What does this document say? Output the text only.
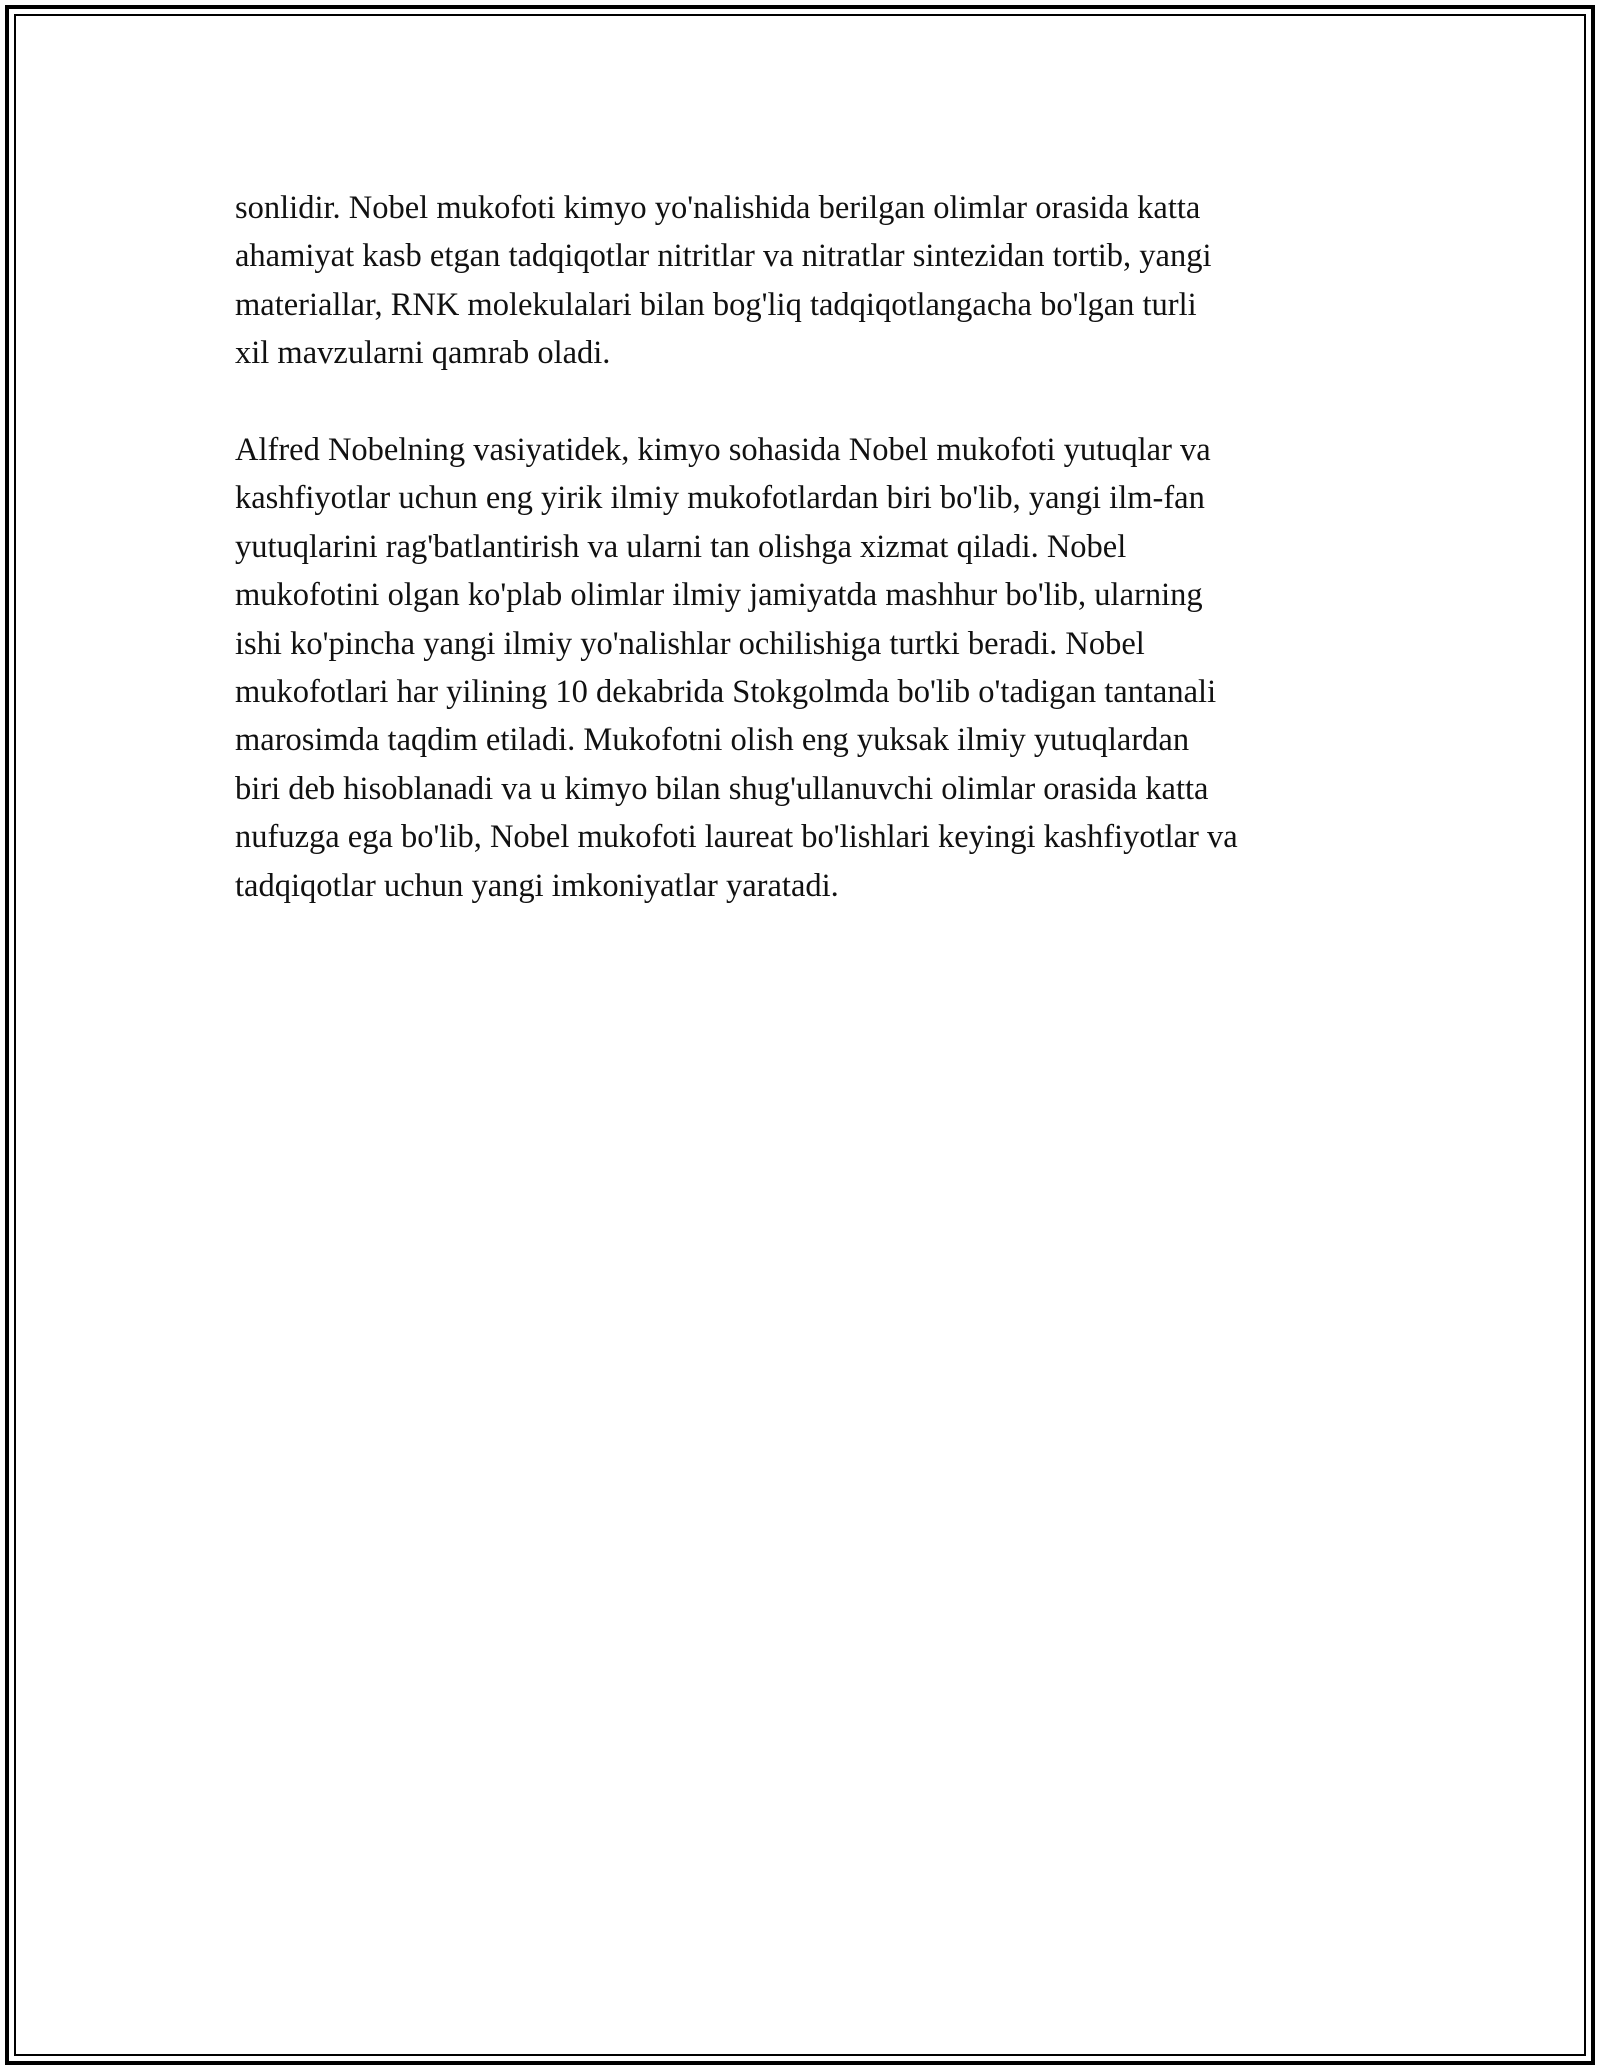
sonlidir. Nobel mukofoti kimyo yo'nalishida berilgan olimlar orasida katta
ahamiyat kasb etgan tadqiqotlar nitritlar va nitratlar sintezidan tortib, yangi
materiallar, RNK molekulalari bilan bog'liq tadqiqotlangacha bo'lgan turli
xil mavzularni qamrab oladi.

Alfred Nobelning vasiyatidek, kimyo sohasida Nobel mukofoti yutuqlar va
kashfiyotlar uchun eng yirik ilmiy mukofotlardan biri bo'lib, yangi ilm-fan
yutuqlarini rag'batlantirish va ularni tan olishga xizmat qiladi. Nobel
mukofotini olgan ko'plab olimlar ilmiy jamiyatda mashhur bo'lib, ularning
ishi ko'pincha yangi ilmiy yo'nalishlar ochilishiga turtki beradi. Nobel
mukofotlari har yilining 10 dekabrida Stokgolmda bo'lib o'tadigan tantanali
marosimda taqdim etiladi. Mukofotni olish eng yuksak ilmiy yutuqlardan
biri deb hisoblanadi va u kimyo bilan shug'ullanuvchi olimlar orasida katta
nufuzga ega bo'lib, Nobel mukofoti laureat bo'lishlari keyingi kashfiyotlar va
tadqiqotlar uchun yangi imkoniyatlar yaratadi.
